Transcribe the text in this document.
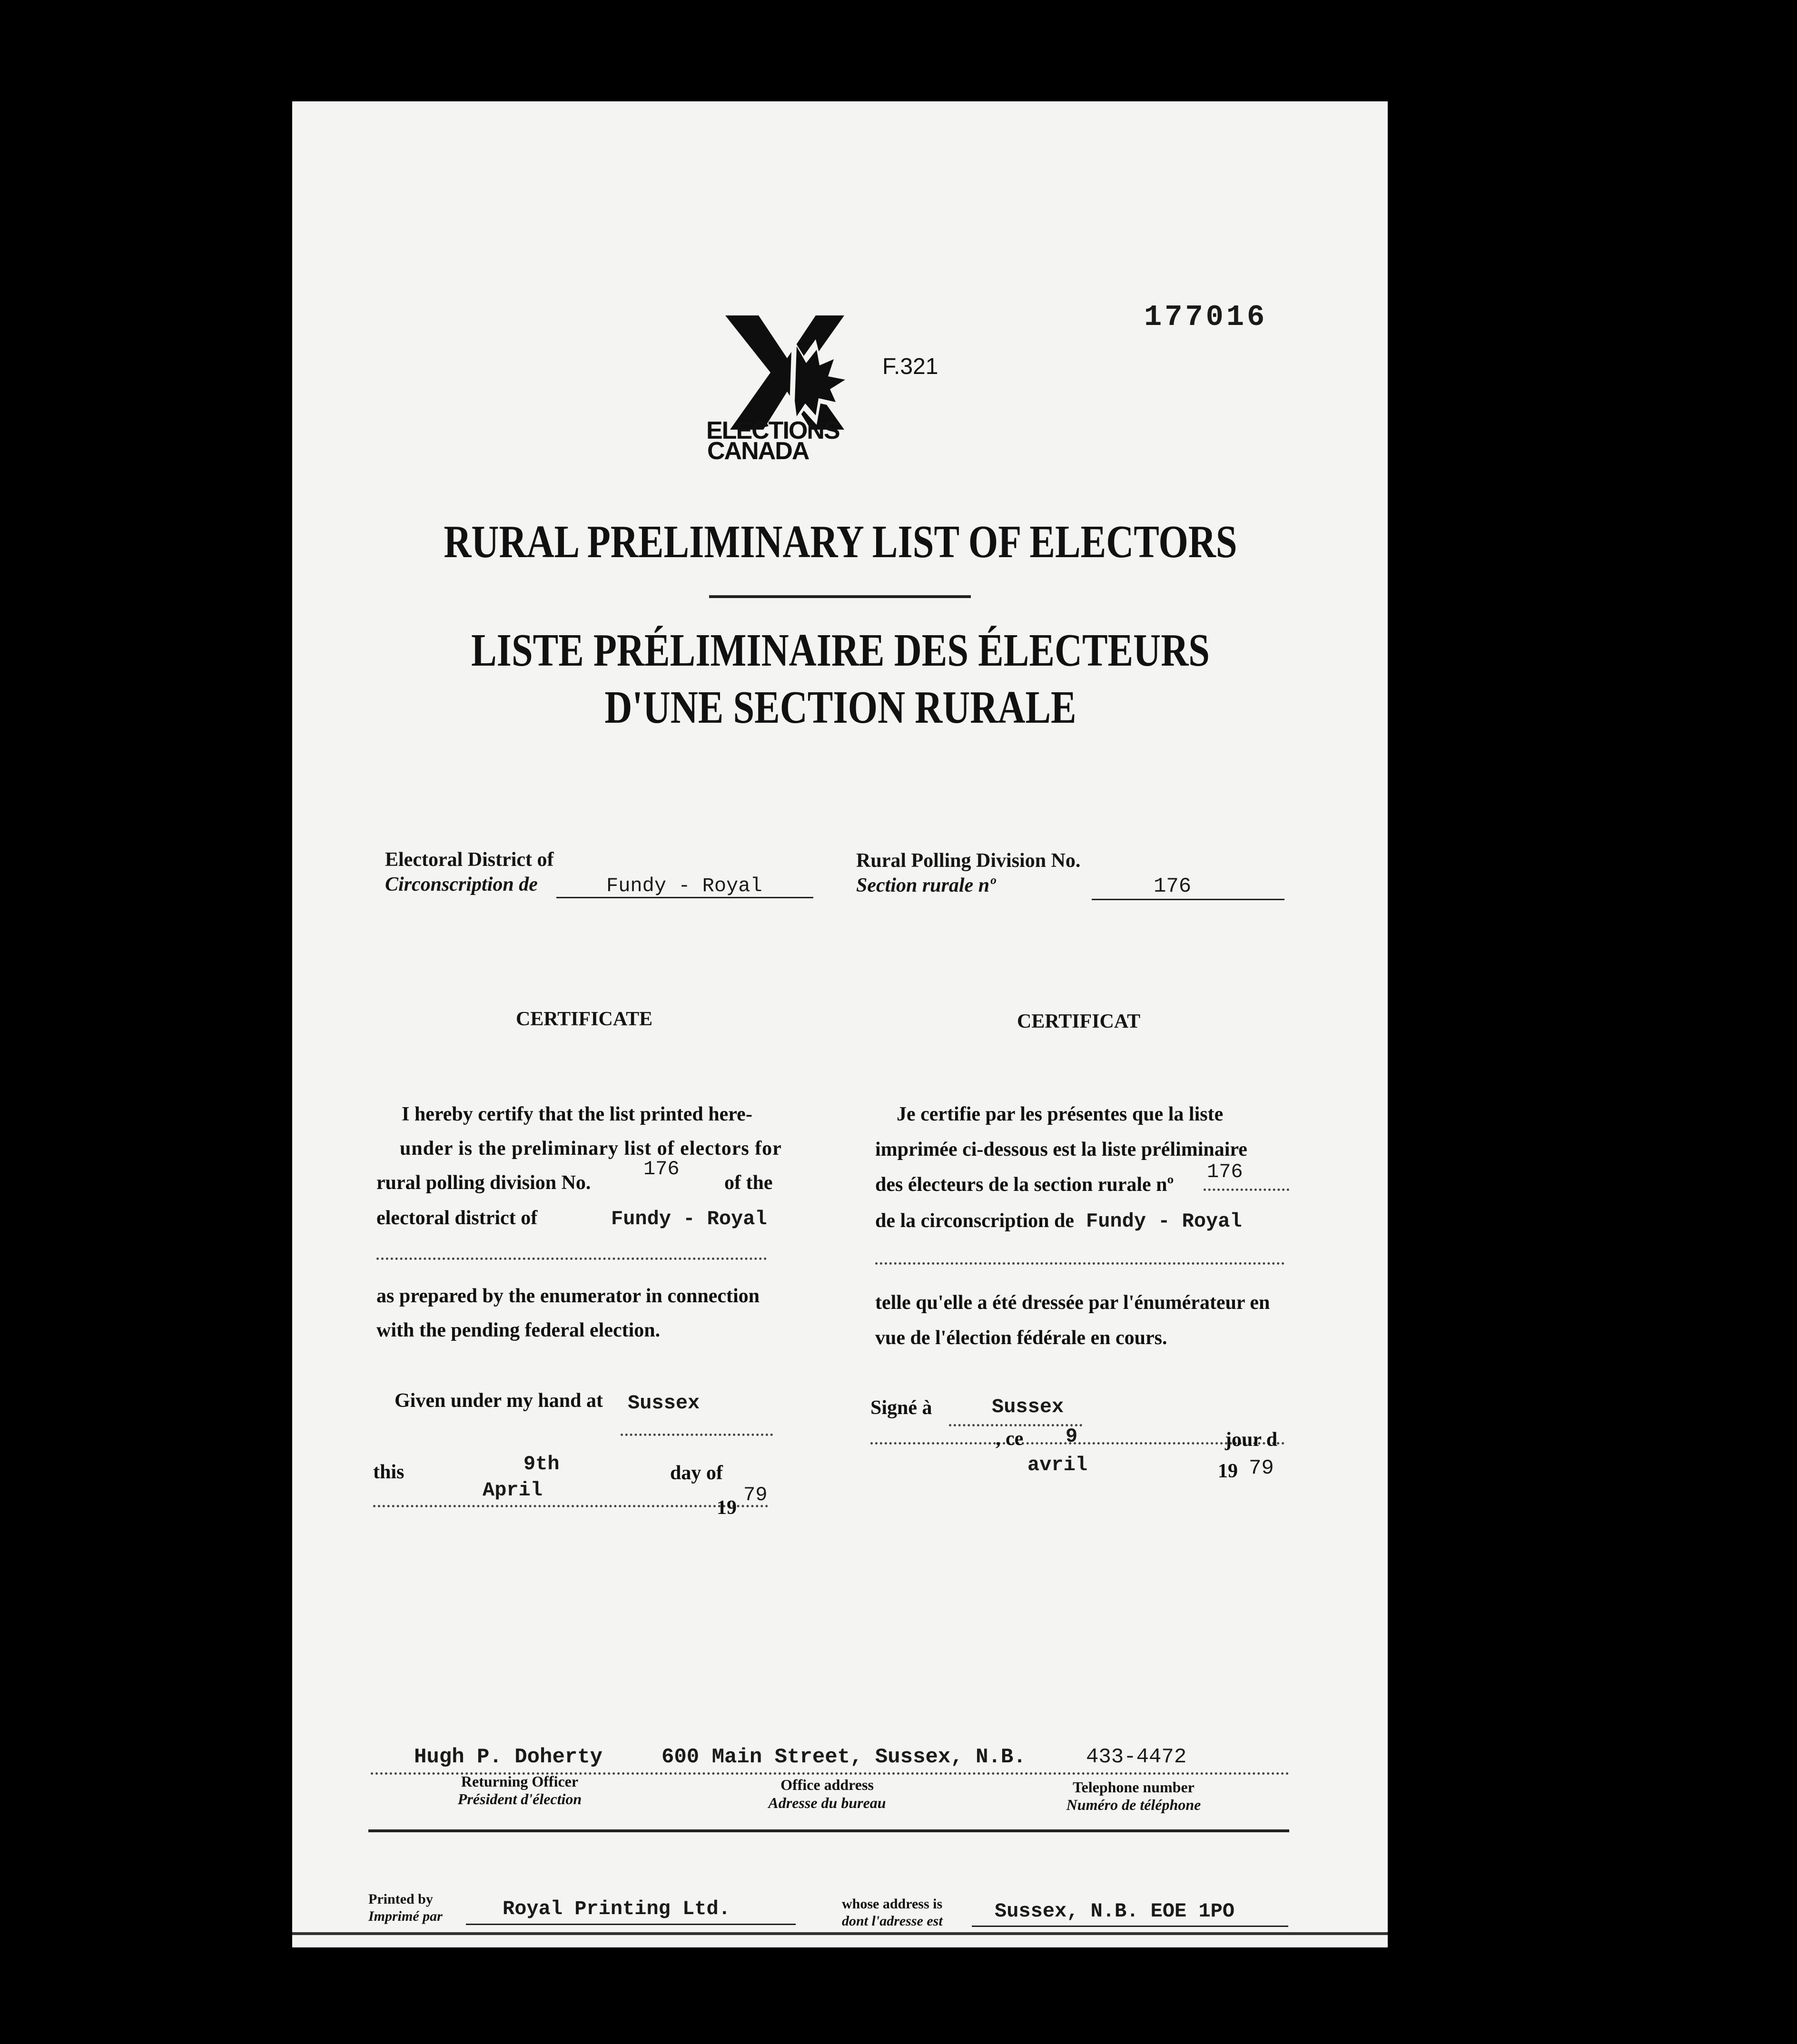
177016
ELECTIONS
CANADA
F.321
RURAL PRELIMINARY LIST OF ELECTORS
LISTE PRÉLIMINAIRE DES ÉLECTEURS
D'UNE SECTION RURALE
Electoral District of
Circonscription de	Fundy - Royal
Rural Polling Division No.
Section rurale nº	176
CERTIFICATE	CERTIFICAT
I hereby certify that the list printed here-
under is the preliminary list of electors for
rural polling division No.
176
of the
electoral district of	Fundy - Royal
as prepared by the enumerator in connection
with the pending federal election.
Given under my hand at Sussex
this	9th	day of
April
19
79
Je certifie par les présentes que la liste
imprimée ci-dessous est la liste préliminaire
des électeurs de la section rurale nº
176
de la circonscription de Fundy - Royal
telle qu'elle a été dressée par l'énumérateur en
vue de l'élection fédérale en cours.
Signé à	Sussex
, ce 9	jour d
avril	19 79
Hugh P. Doherty	600 Main Street, Sussex, N.B.	433-4472
Returning Officer
Président d'élection
Office address
Adresse du bureau
Telephone number
Numéro de téléphone
Printed by
Imprimé par	Royal Printing Ltd.	whose address is
dont l'adresse est	Sussex, N.B. EOE 1PO
